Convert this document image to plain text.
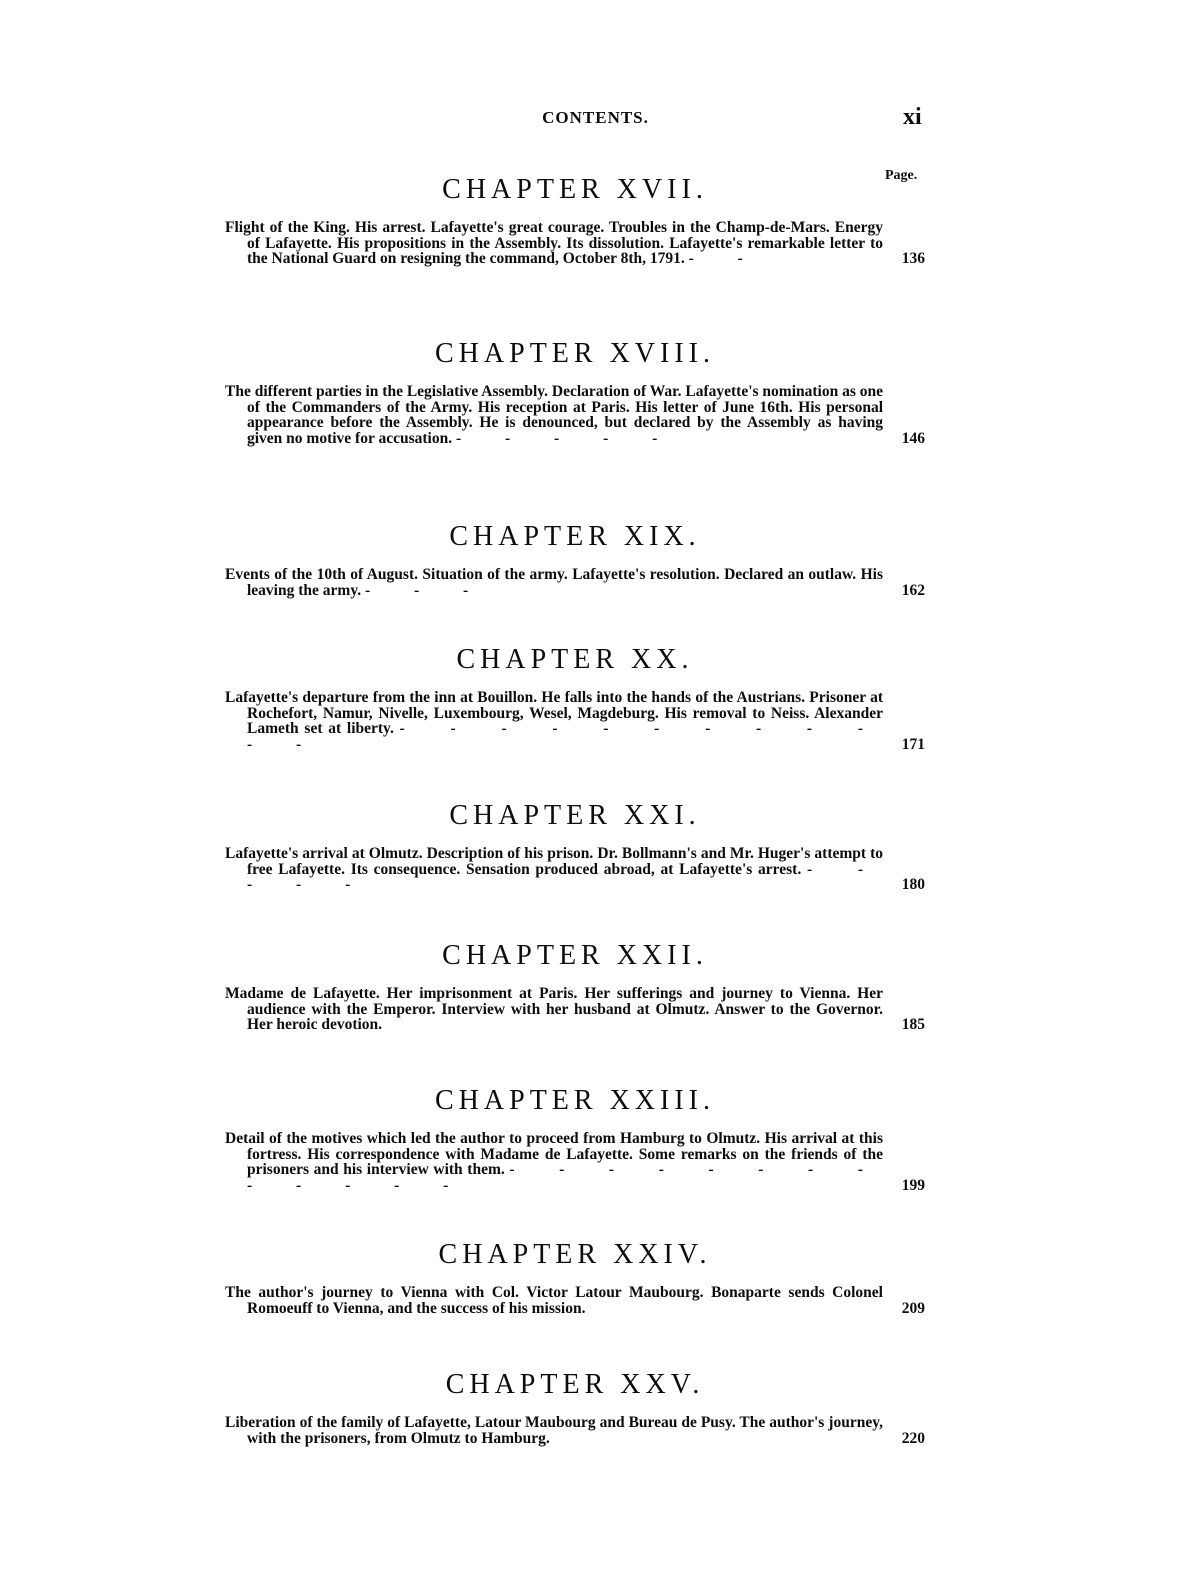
CONTENTS.	xi
Page.
CHAPTER XVII.
Flight of the King. His arrest. Lafayette's great courage. Troubles in the Champ-de-Mars. Energy of Lafayette. His propositions in the Assembly. Its dissolution. Lafayette's remarkable letter to the National Guard on resigning the command, October 8th, 1791. - -	136
CHAPTER XVIII.
The different parties in the Legislative Assembly. Declaration of War. Lafayette's nomination as one of the Commanders of the Army. His reception at Paris. His letter of June 16th. His personal appearance before the Assembly. He is denounced, but declared by the Assembly as having given no motive for accusation. - - - - -	146
CHAPTER XIX.
Events of the 10th of August. Situation of the army. Lafayette's resolution. Declared an outlaw. His leaving the army. - - -	162
CHAPTER XX.
Lafayette's departure from the inn at Bouillon. He falls into the hands of the Austrians. Prisoner at Rochefort, Namur, Nivelle, Luxembourg, Wesel, Magdeburg. His removal to Neiss. Alexander Lameth set at liberty. - - - - - - - - - - - -	171
CHAPTER XXI.
Lafayette's arrival at Olmutz. Description of his prison. Dr. Bollmann's and Mr. Huger's attempt to free Lafayette. Its consequence. Sensation produced abroad, at Lafayette's arrest. - - - - -	180
CHAPTER XXII.
Madame de Lafayette. Her imprisonment at Paris. Her sufferings and journey to Vienna. Her audience with the Emperor. Interview with her husband at Olmutz. Answer to the Governor. Her heroic devotion.	185
CHAPTER XXIII.
Detail of the motives which led the author to proceed from Hamburg to Olmutz. His arrival at this fortress. His correspondence with Madame de Lafayette. Some remarks on the friends of the prisoners and his interview with them. - - - - - - - - - - - - -	199
CHAPTER XXIV.
The author's journey to Vienna with Col. Victor Latour Maubourg. Bonaparte sends Colonel Romoeuff to Vienna, and the success of his mission.	209
CHAPTER XXV.
Liberation of the family of Lafayette, Latour Maubourg and Bureau de Pusy. The author's journey, with the prisoners, from Olmutz to Hamburg.	220
